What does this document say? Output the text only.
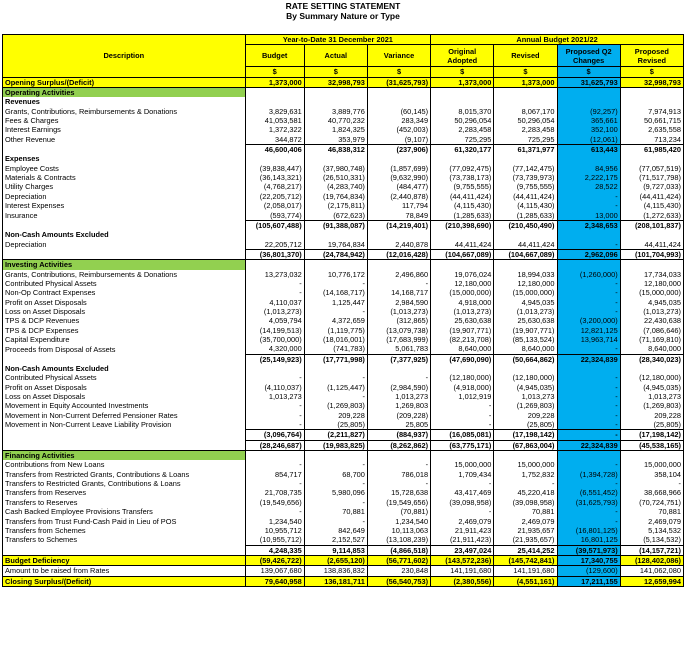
RATE SETTING STATEMENT
By Summary Nature or Type
Description	Year-to-Date 31 December 2021			Annual Budget 2021/22			
	Budget	Actual	Variance	Original Adopted	Revised	Proposed Q2 Changes	Proposed Revised
	$	$	$	$	$	$	$
Opening Surplus/(Deficit)	1,373,000	32,998,793	(31,625,793)	1,373,000	1,373,000	31,625,793	32,998,793
Operating Activities							
Revenues							
Grants, Contributions, Reimbursements & Donations	3,829,631	3,889,776	(60,145)	8,015,370	8,067,170	(92,257)	7,974,913
Fees & Charges	41,053,581	40,770,232	283,349	50,296,054	50,296,054	365,661	50,661,715
Interest Earnings	1,372,322	1,824,325	(452,003)	2,283,458	2,283,458	352,100	2,635,558
Other Revenue	344,872	353,979	(9,107)	725,295	725,295	(12,061)	713,234
	46,600,406	46,838,312	(237,906)	61,320,177	61,371,977	613,443	61,985,420
Expenses							
Employee Costs	(39,838,447)	(37,980,748)	(1,857,699)	(77,092,475)	(77,142,475)	84,956	(77,057,519)
Materials & Contracts	(36,143,321)	(26,510,331)	(9,632,990)	(73,738,173)	(73,739,973)	2,222,175	(71,517,798)
Utility Charges	(4,768,217)	(4,283,740)	(484,477)	(9,755,555)	(9,755,555)	28,522	(9,727,033)
Depreciation	(22,205,712)	(19,764,834)	(2,440,878)	(44,411,424)	(44,411,424)	-	(44,411,424)
Interest Expenses	(2,058,017)	(2,175,811)	117,794	(4,115,430)	(4,115,430)	-	(4,115,430)
Insurance	(593,774)	(672,623)	78,849	(1,285,633)	(1,285,633)	13,000	(1,272,633)
	(105,607,488)	(91,388,087)	(14,219,401)	(210,398,690)	(210,450,490)	2,348,653	(208,101,837)
Non-Cash Amounts Excluded							
Depreciation	22,205,712	19,764,834	2,440,878	44,411,424	44,411,424	-	44,411,424
	(36,801,370)	(24,784,942)	(12,016,428)	(104,667,089)	(104,667,089)	2,962,096	(101,704,993)
Investing Activities							
Grants, Contributions, Reimbursements & Donations	13,273,032	10,776,172	2,496,860	19,076,024	18,994,033	(1,260,000)	17,734,033
Contributed Physical Assets	-	-	-	12,180,000	12,180,000	-	12,180,000
Non-Op Contract Expenses	-	(14,168,717)	14,168,717	(15,000,000)	(15,000,000)	-	(15,000,000)
Profit on Asset Disposals	4,110,037	1,125,447	2,984,590	4,918,000	4,945,035	-	4,945,035
Loss on Asset Disposals	(1,013,273)	-	(1,013,273)	(1,013,273)	(1,013,273)	-	(1,013,273)
TPS & DCP Revenues	4,059,794	4,372,659	(312,865)	25,630,638	25,630,638	(3,200,000)	22,430,638
TPS & DCP Expenses	(14,199,513)	(1,119,775)	(13,079,738)	(19,907,771)	(19,907,771)	12,821,125	(7,086,646)
Capital Expenditure	(35,700,000)	(18,016,001)	(17,683,999)	(82,213,708)	(85,133,524)	13,963,714	(71,169,810)
Proceeds from Disposal of Assets	4,320,000	(741,783)	5,061,783	8,640,000	8,640,000	-	8,640,000
	(25,149,923)	(17,771,998)	(7,377,925)	(47,690,090)	(50,664,862)	22,324,839	(28,340,023)
Non-Cash Amounts Excluded							
Contributed Physical Assets	-	-	-	(12,180,000)	(12,180,000)	-	(12,180,000)
Profit on Asset Disposals	(4,110,037)	(1,125,447)	(2,984,590)	(4,918,000)	(4,945,035)	-	(4,945,035)
Loss on Asset Disposals	1,013,273	-	1,013,273	1,012,919	1,013,273	-	1,013,273
Movement in Equity Accounted Investments	-	(1,269,803)	1,269,803	-	(1,269,803)	-	(1,269,803)
Movement in Non-Current Deferred Pensioner Rates	-	209,228	(209,228)	-	209,228	-	209,228
Movement in Non-Current Leave Liability Provision	-	(25,805)	25,805	-	(25,805)	-	(25,805)
	(3,096,764)	(2,211,827)	(884,937)	(16,085,081)	(17,198,142)	-	(17,198,142)
	(28,246,687)	(19,983,825)	(8,262,862)	(63,775,171)	(67,863,004)	22,324,839	(45,538,165)
Financing Activities							
Contributions from New Loans	-	-	-	15,000,000	15,000,000	-	15,000,000
Transfers from Restricted Grants, Contributions & Loans	854,717	68,700	786,018	1,709,434	1,752,832	(1,394,728)	358,104
Transfers to Restricted Grants, Contributions & Loans	-	-	-	-	-	-	-
Transfers from Reserves	21,708,735	5,980,096	15,728,638	43,417,469	45,220,418	(6,551,452)	38,668,966
Transfers to Reserves	(19,549,656)	-	(19,549,656)	(39,098,958)	(39,098,958)	(31,625,793)	(70,724,751)
Cash Backed Employee Provisions Transfers	-	70,881	(70,881)	-	70,881	-	70,881
Transfers from Trust Fund-Cash Paid in Lieu of POS	1,234,540	-	1,234,540	2,469,079	2,469,079	-	2,469,079
Transfers from Schemes	10,955,712	842,649	10,113,063	21,911,423	21,935,657	(16,801,125)	5,134,532
Transfers to Schemes	(10,955,712)	2,152,527	(13,108,239)	(21,911,423)	(21,935,657)	16,801,125	(5,134,532)
	4,248,335	9,114,853	(4,866,518)	23,497,024	25,414,252	(39,571,973)	(14,157,721)
Budget Deficiency	(59,426,722)	(2,655,120)	(56,771,602)	(143,572,236)	(145,742,841)	17,340,755	(128,402,086)
Amount to be raised from Rates	139,067,680	138,836,832	230,848	141,191,680	141,191,680	(129,600)	141,062,080
Closing Surplus/(Deficit)	79,640,958	136,181,711	(56,540,753)	(2,380,556)	(4,551,161)	17,211,155	12,659,994
